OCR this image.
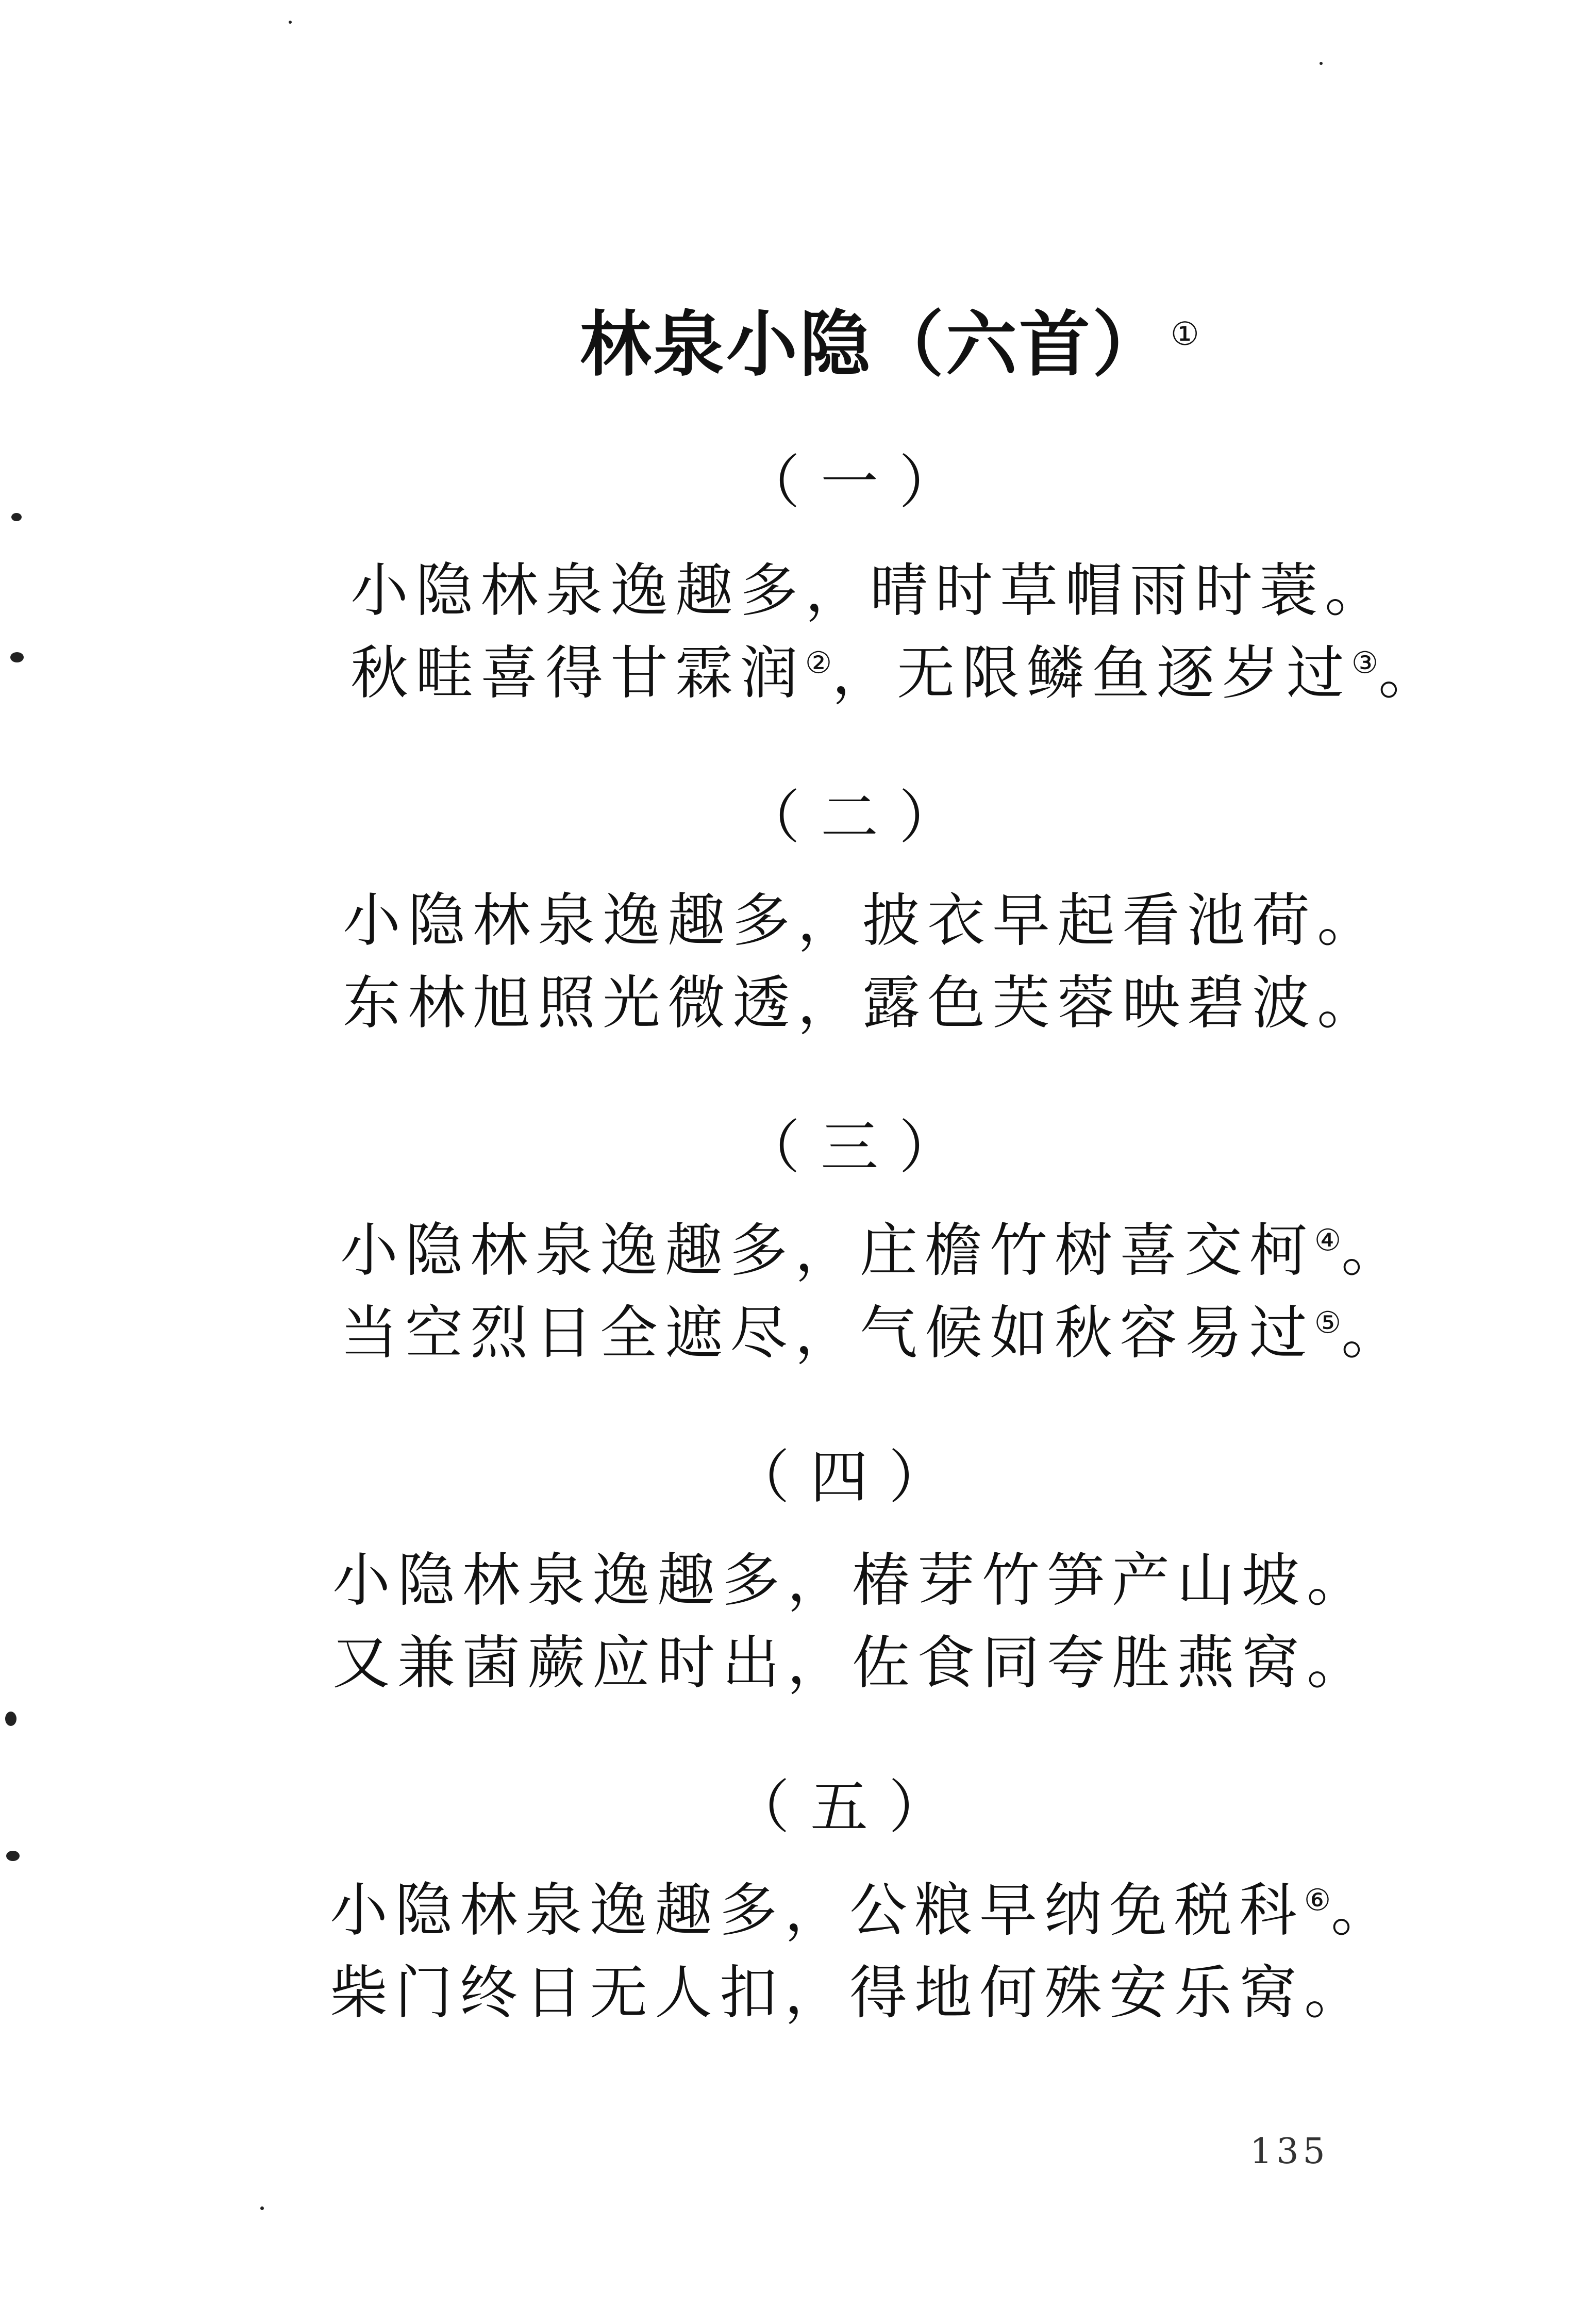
林泉小隐（六首） ①
（一）
小隐林泉逸趣多，晴时草帽雨时蓑。
秋畦喜得甘霖润②，无限鳞鱼逐岁过③。
（二）
小隐林泉逸趣多，披衣早起看池荷。
东林旭照光微透，露色芙蓉映碧波。
（三）
小隐林泉逸趣多，庄檐竹树喜交柯④。
当空烈日全遮尽，气候如秋容易过⑤。
（四）
小隐林泉逸趣多，椿芽竹笋产山坡。
又兼菌蕨应时出，佐食同夸胜燕窝。
（五）
小隐林泉逸趣多，公粮早纳免税科⑥。
柴门终日无人扣，得地何殊安乐窝。
135
